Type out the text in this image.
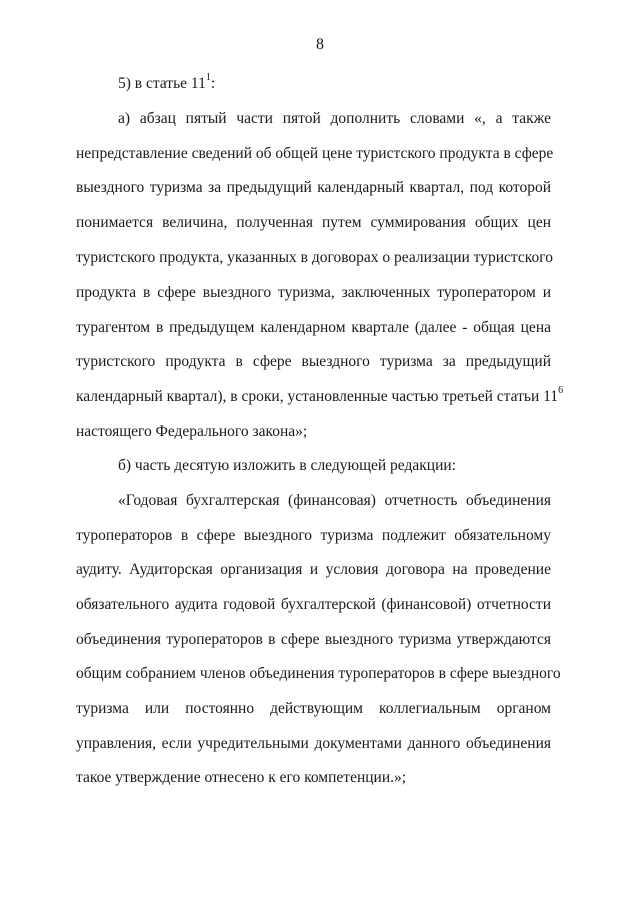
8
5) в статье $11^1$:
а) абзац пятый части пятой дополнить словами «, а также
непредставление сведений об общей цене туристского продукта в сфере
выездного туризма за предыдущий календарный квартал, под которой
понимается величина, полученная путем суммирования общих цен
туристского продукта, указанных в договорах о реализации туристского
продукта в сфере выездного туризма, заключенных туроператором и
турагентом в предыдущем календарном квартале (далее - общая цена
туристского продукта в сфере выездного туризма за предыдущий
календарный квартал), в сроки, установленные частью третьей статьи $11^6$
настоящего Федерального закона»;
б) часть десятую изложить в следующей редакции:
«Годовая бухгалтерская (финансовая) отчетность объединения
туроператоров в сфере выездного туризма подлежит обязательному
аудиту. Аудиторская организация и условия договора на проведение
обязательного аудита годовой бухгалтерской (финансовой) отчетности
объединения туроператоров в сфере выездного туризма утверждаются
общим собранием членов объединения туроператоров в сфере выездного
туризма или постоянно действующим коллегиальным органом
управления, если учредительными документами данного объединения
такое утверждение отнесено к его компетенции.»;
